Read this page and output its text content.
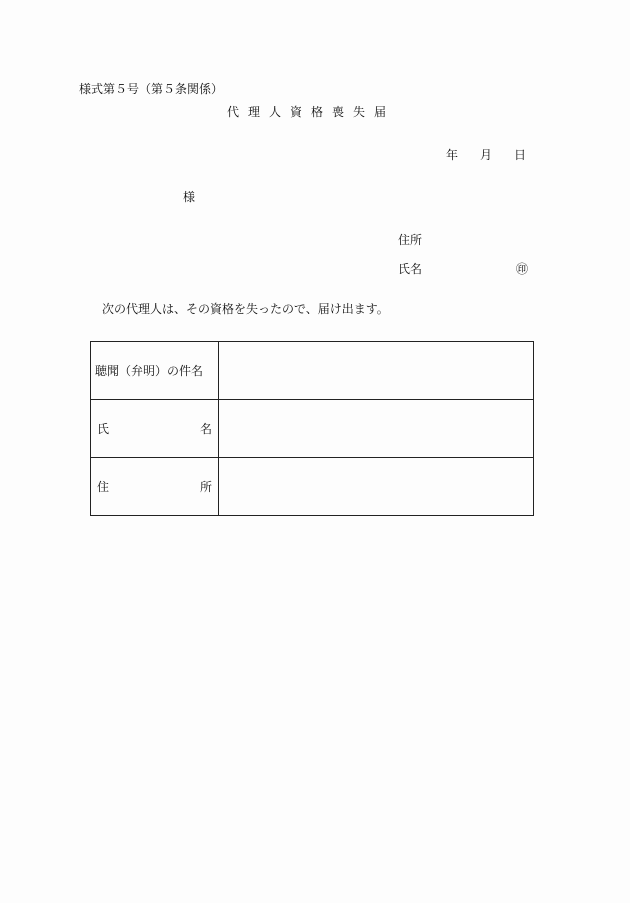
様式第５号（第５条関係）
代理人資格喪失届
年 月 日
様
住所
氏名	㊞
次の代理人は、その資格を失ったので、届け出ます。
聴聞（弁明）の件名	

氏 名	

住 所	
